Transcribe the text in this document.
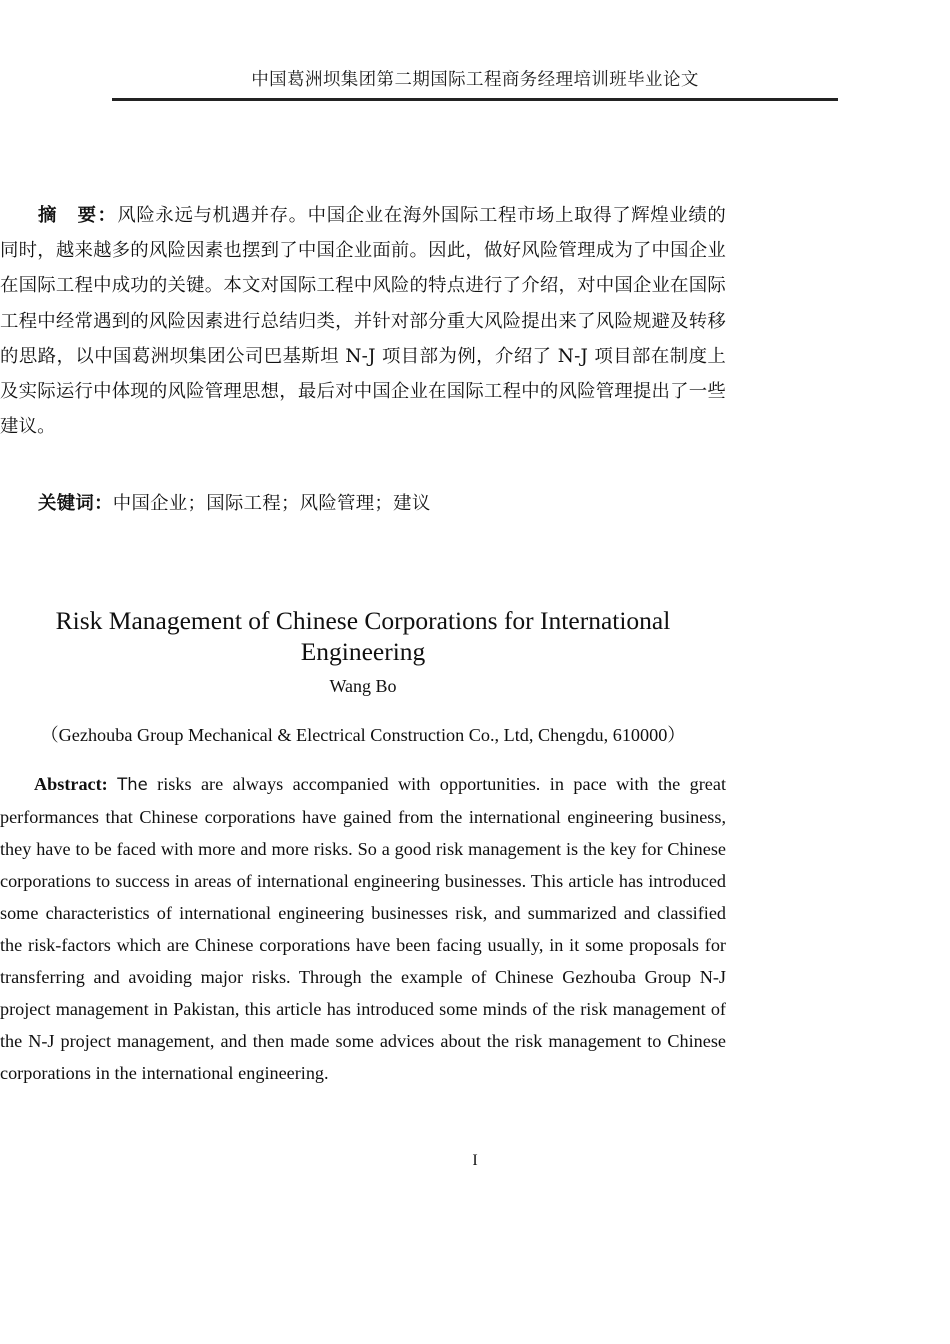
中国葛洲坝集团第二期国际工程商务经理培训班毕业论文
摘　要：风险永远与机遇并存。中国企业在海外国际工程市场上取得了辉煌业绩的同时，越来越多的风险因素也摆到了中国企业面前。因此，做好风险管理成为了中国企业在国际工程中成功的关键。本文对国际工程中风险的特点进行了介绍，对中国企业在国际工程中经常遇到的风险因素进行总结归类，并针对部分重大风险提出来了风险规避及转移的思路，以中国葛洲坝集团公司巴基斯坦 N-J 项目部为例，介绍了 N-J 项目部在制度上及实际运行中体现的风险管理思想，最后对中国企业在国际工程中的风险管理提出了一些建议。
关键词：中国企业；国际工程；风险管理；建议
Risk Management of Chinese Corporations for International Engineering
Wang Bo
（Gezhouba Group Mechanical & Electrical Construction Co., Ltd, Chengdu, 610000）
Abstract: The risks are always accompanied with opportunities. in pace with the great performances that Chinese corporations have gained from the international engineering business, they have to be faced with more and more risks. So a good risk management is the key for Chinese corporations to success in areas of international engineering businesses. This article has introduced some characteristics of international engineering businesses risk, and summarized and classified the risk-factors which are Chinese corporations have been facing usually, in it some proposals for transferring and avoiding major risks. Through the example of Chinese Gezhouba Group N-J project management in Pakistan, this article has introduced some minds of the risk management of the N-J project management, and then made some advices about the risk management to Chinese corporations in the international engineering.
I
